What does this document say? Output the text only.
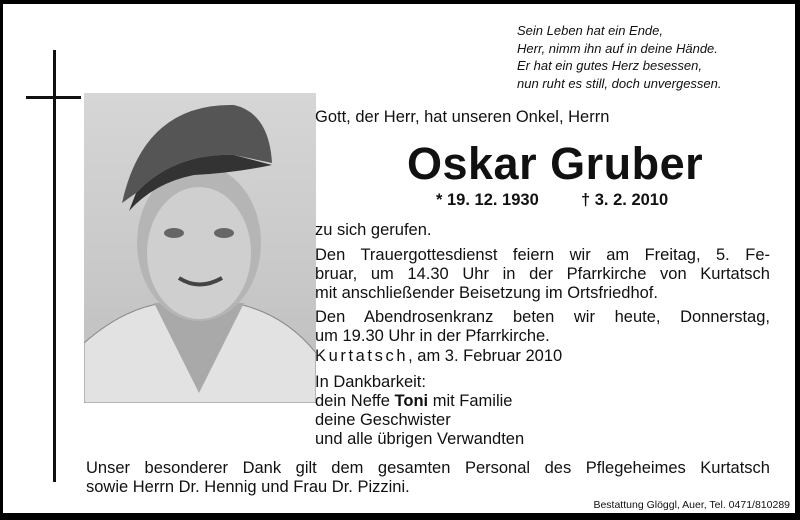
Sein Leben hat ein Ende,
Herr, nimm ihn auf in deine Hände.
Er hat ein gutes Herz besessen,
nun ruht es still, doch unvergessen.
Gott, der Herr, hat unseren Onkel, Herrn
Oskar Gruber
* 19. 12. 1930	† 3. 2. 2010
zu sich gerufen.
Den Trauergottesdienst feiern wir am Freitag, 5. Fe-
bruar, um 14.30 Uhr in der Pfarrkirche von Kurtatsch
mit anschließender Beisetzung im Ortsfriedhof.
Den Abendrosenkranz beten wir heute, Donnerstag,
um 19.30 Uhr in der Pfarrkirche.
Kurtatsch, am 3. Februar 2010
In Dankbarkeit:
dein Neffe Toni mit Familie
deine Geschwister
und alle übrigen Verwandten
Unser besonderer Dank gilt dem gesamten Personal des Pflegeheimes Kurtatsch
sowie Herrn Dr. Hennig und Frau Dr. Pizzini.
Bestattung Glöggl, Auer, Tel. 0471/810289
